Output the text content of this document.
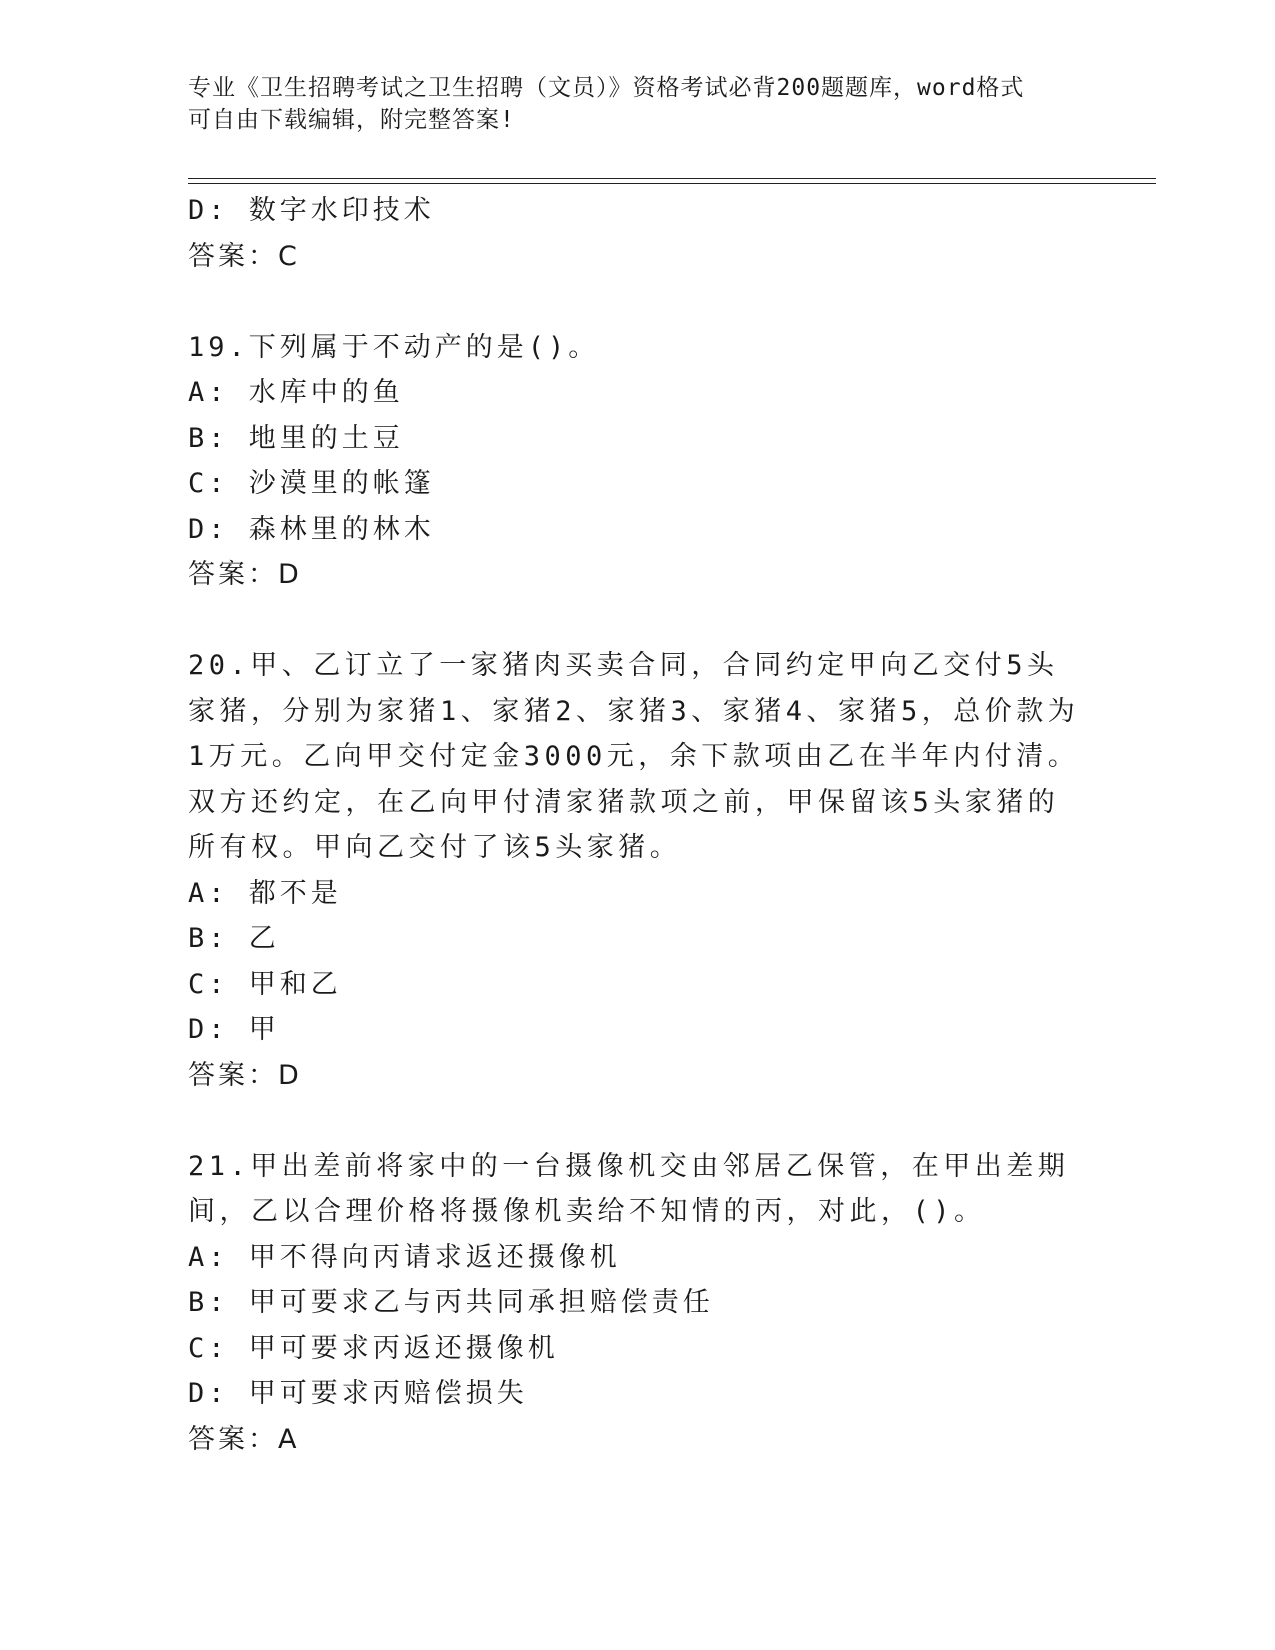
专业《卫生招聘考试之卫生招聘（文员）》资格考试必背200题题库，word格式
可自由下载编辑，附完整答案!
D: 数字水印技术
答案：C
19.下列属于不动产的是()。
A: 水库中的鱼
B: 地里的土豆
C: 沙漠里的帐篷
D: 森林里的林木
答案：D
20.甲、乙订立了一家猪肉买卖合同，合同约定甲向乙交付5头家猪，分别为家猪1、家猪2、家猪3、家猪4、家猪5，总价款为1万元。乙向甲交付定金3000元，余下款项由乙在半年内付清。双方还约定，在乙向甲付清家猪款项之前，甲保留该5头家猪的所有权。甲向乙交付了该5头家猪。
A: 都不是
B: 乙
C: 甲和乙
D: 甲
答案：D
21.甲出差前将家中的一台摄像机交由邻居乙保管，在甲出差期间，乙以合理价格将摄像机卖给不知情的丙，对此，()。
A: 甲不得向丙请求返还摄像机
B: 甲可要求乙与丙共同承担赔偿责任
C: 甲可要求丙返还摄像机
D: 甲可要求丙赔偿损失
答案：A
